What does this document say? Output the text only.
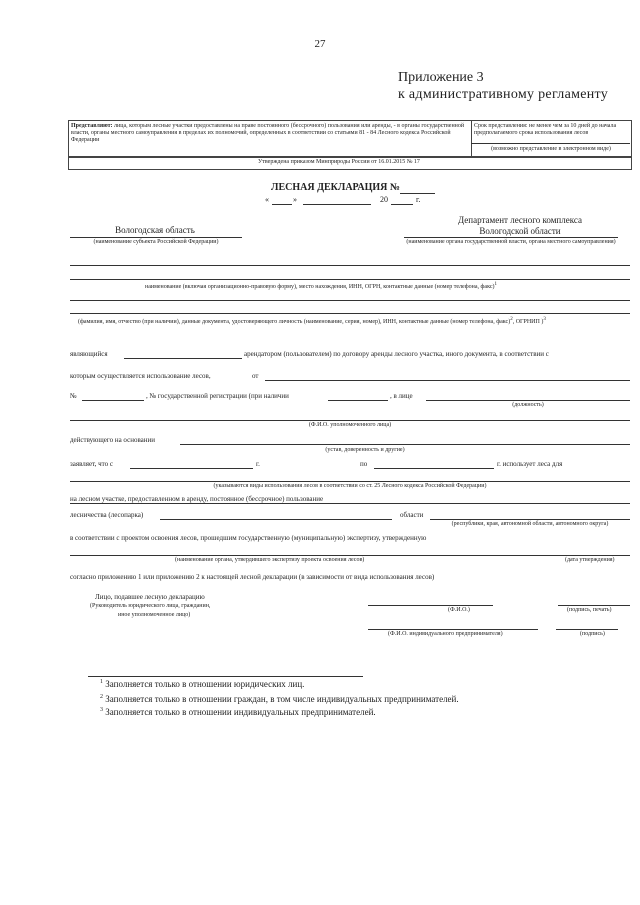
27
Приложение 3
к административному регламенту
Представляют: лица, которым лесные участки предоставлены на праве постоянного (бессрочного) пользования или аренды, - в органы государственной власти, органы местного самоуправления в пределах их полномочий, определенных в соответствии со статьями 81 - 84 Лесного кодекса Российской Федерации
Срок представления: не менее чем за 10 дней до начала предполагаемого срока использования лесов
(возможно представление в электронном виде)
Утверждена приказом Минприроды России от 16.01.2015 № 17
ЛЕСНАЯ ДЕКЛАРАЦИЯ №
«	»	20	г.
Вологодская область
(наименование субъекта Российской Федерации)
Департамент лесного комплекса
Вологодской области
(наименование органа государственной власти, органа местного самоуправления)
наименование (включая организационно-правовую форму), место нахождения, ИНН, ОГРН, контактные данные (номер телефона, факс)$^1$
(фамилия, имя, отчество (при наличии), данные документа, удостоверяющего личность (наименование, серия, номер), ИНН, контактные данные (номер телефона, факс)$^2$, ОГРНИП )$^3$
являющийся	арендатором (пользователем) по договору аренды лесного участка, иного документа, в соответствии с
которым осуществляется использование лесов,	от
№	, № государственной регистрации (при наличии	, в лице
(должность)
(Ф.И.О. уполномоченного лица)
действующего на основании
(устав, доверенность и другие)
заявляет, что с	г.	по	г. использует леса для
(указываются виды использования лесов в соответствии со ст. 25 Лесного кодекса Российской Федерации)
на лесном участке, предоставленном в аренду, постоянное (бессрочное) пользование
лесничества (лесопарка)	области
(республики, края, автономной области, автономного округа)
в соответствии с проектом освоения лесов, прошедшим государственную (муниципальную) экспертизу, утвержденную
(наименование органа, утвердившего экспертизу проекта освоения лесов)	(дата утверждения)
согласно приложению 1 или приложению 2 к настоящей лесной декларации (в зависимости от вида использования лесов)
Лицо, подавшее лесную декларацию
(Руководитель юридического лица, гражданин,
иное уполномоченное лицо)
(Ф.И.О.)	(подпись, печать)
(Ф.И.О. индивидуального предпринимателя)	(подпись)
$^1$ Заполняется только в отношении юридических лиц.
$^2$ Заполняется только в отношении граждан, в том числе индивидуальных предпринимателей.
$^3$ Заполняется только в отношении индивидуальных предпринимателей.
